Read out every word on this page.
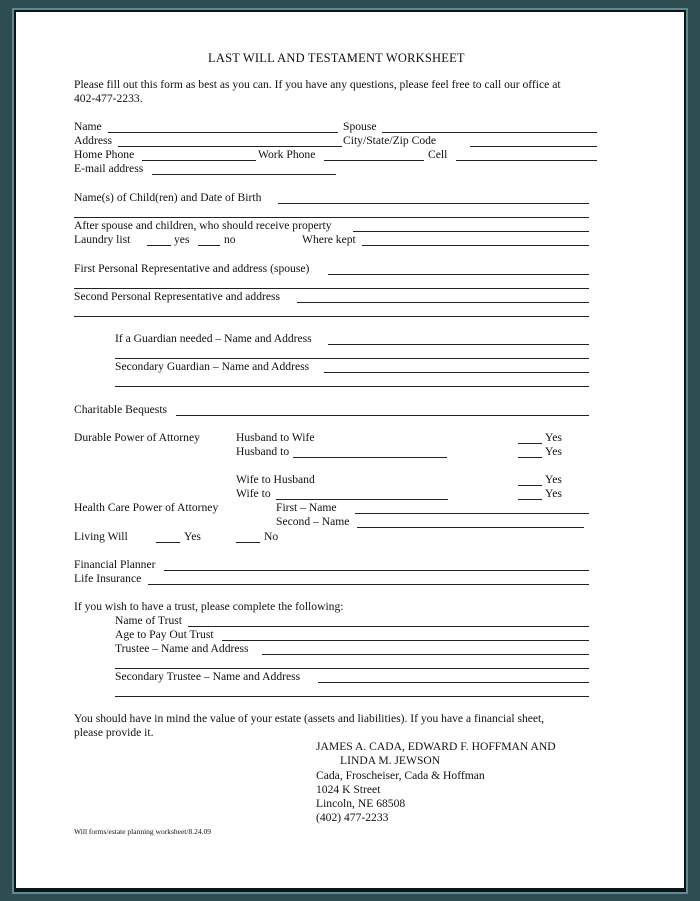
LAST WILL AND TESTAMENT WORKSHEET
Please fill out this form as best as you can. If you have any questions, please feel free to call our office at
402-477-2233.
Name	Spouse
Address	City/State/Zip Code
Home Phone	Work Phone	Cell
E-mail address
Name(s) of Child(ren) and Date of Birth
After spouse and children, who should receive property
Laundry list	yes	no	Where kept
First Personal Representative and address (spouse)
Second Personal Representative and address
If a Guardian needed – Name and Address
Secondary Guardian – Name and Address
Charitable Bequests
Durable Power of Attorney	Husband to Wife	Yes
Husband to	Yes
Wife to Husband	Yes
Wife to	Yes
Health Care Power of Attorney	First – Name
Second – Name
Living Will	Yes	No
Financial Planner
Life Insurance
If you wish to have a trust, please complete the following:
Name of Trust
Age to Pay Out Trust
Trustee – Name and Address
Secondary Trustee – Name and Address
You should have in mind the value of your estate (assets and liabilities). If you have a financial sheet,
please provide it.
JAMES A. CADA, EDWARD F. HOFFMAN AND
LINDA M. JEWSON
Cada, Froscheiser, Cada & Hoffman
1024 K Street
Lincoln, NE 68508
(402) 477-2233
Will forms/estate planning worksheet/8.24.09
